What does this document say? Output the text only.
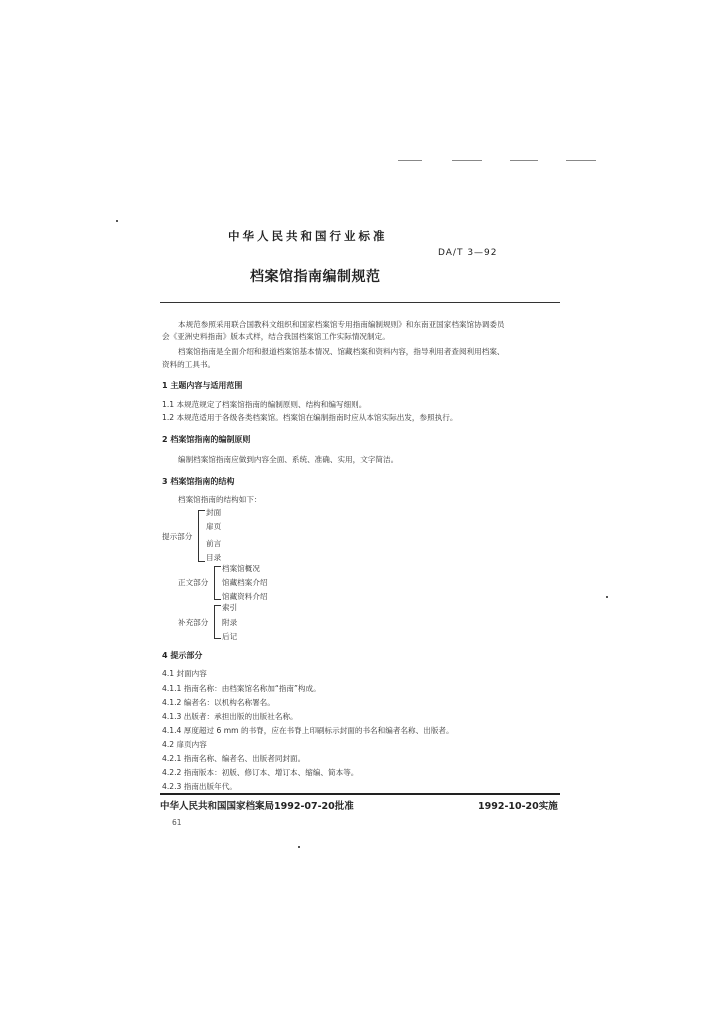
中华人民共和国行业标准
DA/T 3—92
档案馆指南编制规范
本规范参照采用联合国教科文组织和国家档案馆专用指南编制规则》和东南亚国家档案馆协调委员
会《亚洲史料指南》版本式样，结合我国档案馆工作实际情况制定。
档案馆指南是全面介绍和报道档案馆基本情况、馆藏档案和资料内容，指导利用者查阅利用档案、
资料的工具书。
1 主题内容与适用范围
1.1 本规范规定了档案馆指南的编制原则、结构和编写细则。
1.2 本规范适用于各级各类档案馆。档案馆在编制指南时应从本馆实际出发，参照执行。
2 档案馆指南的编制原则
编制档案馆指南应做到内容全面、系统、准确、实用，文字简洁。
3 档案馆指南的结构
档案馆指南的结构如下：
提示部分
封面
扉页
前言
目录
正文部分
档案馆概况
馆藏档案介绍
馆藏资料介绍
补充部分
索引
附录
后记
4 提示部分
4.1 封面内容
4.1.1 指南名称：由档案馆名称加“指南”构成。
4.1.2 编者名：以机构名称署名。
4.1.3 出版者：承担出版的出版社名称。
4.1.4 厚度超过 6 mm 的书脊，应在书脊上印刷标示封面的书名和编者名称、出版者。
4.2 扉页内容
4.2.1 指南名称、编者名、出版者同封面。
4.2.2 指南版本：初版、修订本、增订本、缩编、简本等。
4.2.3 指南出版年代。
中华人民共和国国家档案局1992-07-20批准	1992-10-20实施
61
